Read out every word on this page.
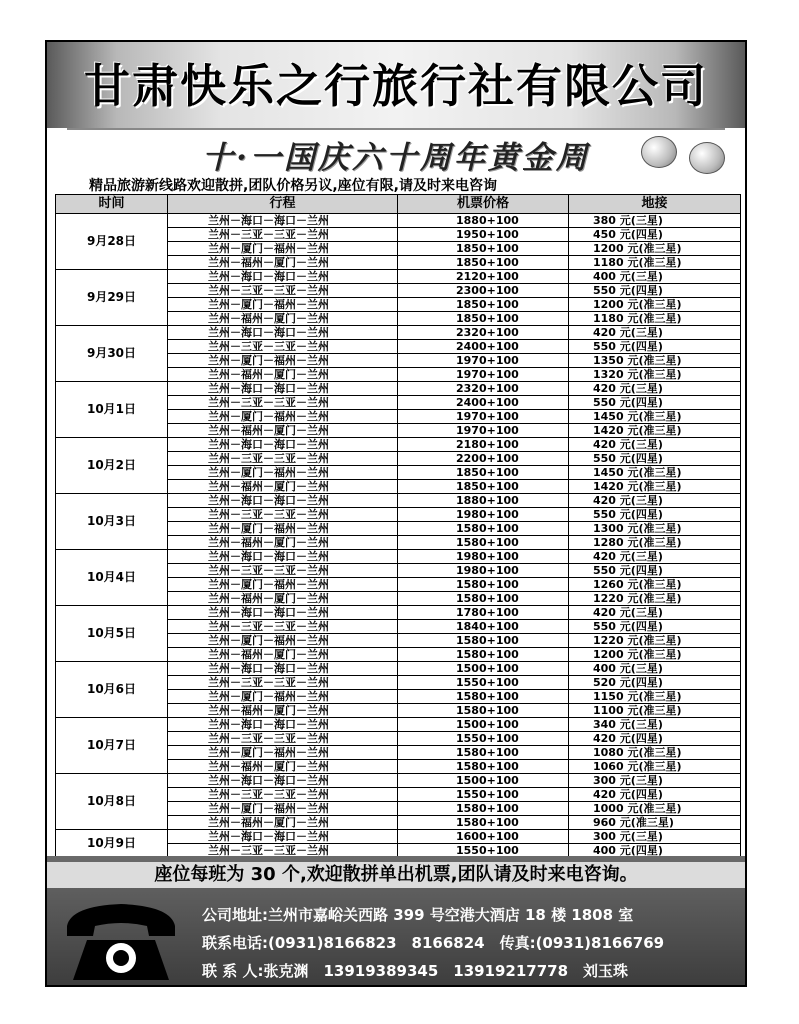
甘肃快乐之行旅行社有限公司
十·一国庆六十周年黄金周
精品旅游新线路欢迎散拼,团队价格另议,座位有限,请及时来电咨询
时间	行程	机票价格	地接
9月28日	兰州－海口－海口－兰州	1880+100	380 元(三星)
	兰州－三亚－三亚－兰州	1950+100	450 元(四星)
	兰州－厦门－福州－兰州	1850+100	1200 元(准三星)
	兰州－福州－厦门－兰州	1850+100	1180 元(准三星)
9月29日	兰州－海口－海口－兰州	2120+100	400 元(三星)
	兰州－三亚－三亚－兰州	2300+100	550 元(四星)
	兰州－厦门－福州－兰州	1850+100	1200 元(准三星)
	兰州－福州－厦门－兰州	1850+100	1180 元(准三星)
9月30日	兰州－海口－海口－兰州	2320+100	420 元(三星)
	兰州－三亚－三亚－兰州	2400+100	550 元(四星)
	兰州－厦门－福州－兰州	1970+100	1350 元(准三星)
	兰州－福州－厦门－兰州	1970+100	1320 元(准三星)
10月1日	兰州－海口－海口－兰州	2320+100	420 元(三星)
	兰州－三亚－三亚－兰州	2400+100	550 元(四星)
	兰州－厦门－福州－兰州	1970+100	1450 元(准三星)
	兰州－福州－厦门－兰州	1970+100	1420 元(准三星)
10月2日	兰州－海口－海口－兰州	2180+100	420 元(三星)
	兰州－三亚－三亚－兰州	2200+100	550 元(四星)
	兰州－厦门－福州－兰州	1850+100	1450 元(准三星)
	兰州－福州－厦门－兰州	1850+100	1420 元(准三星)
10月3日	兰州－海口－海口－兰州	1880+100	420 元(三星)
	兰州－三亚－三亚－兰州	1980+100	550 元(四星)
	兰州－厦门－福州－兰州	1580+100	1300 元(准三星)
	兰州－福州－厦门－兰州	1580+100	1280 元(准三星)
10月4日	兰州－海口－海口－兰州	1980+100	420 元(三星)
	兰州－三亚－三亚－兰州	1980+100	550 元(四星)
	兰州－厦门－福州－兰州	1580+100	1260 元(准三星)
	兰州－福州－厦门－兰州	1580+100	1220 元(准三星)
10月5日	兰州－海口－海口－兰州	1780+100	420 元(三星)
	兰州－三亚－三亚－兰州	1840+100	550 元(四星)
	兰州－厦门－福州－兰州	1580+100	1220 元(准三星)
	兰州－福州－厦门－兰州	1580+100	1200 元(准三星)
10月6日	兰州－海口－海口－兰州	1500+100	400 元(三星)
	兰州－三亚－三亚－兰州	1550+100	520 元(四星)
	兰州－厦门－福州－兰州	1580+100	1150 元(准三星)
	兰州－福州－厦门－兰州	1580+100	1100 元(准三星)
10月7日	兰州－海口－海口－兰州	1500+100	340 元(三星)
	兰州－三亚－三亚－兰州	1550+100	420 元(四星)
	兰州－厦门－福州－兰州	1580+100	1080 元(准三星)
	兰州－福州－厦门－兰州	1580+100	1060 元(准三星)
10月8日	兰州－海口－海口－兰州	1500+100	300 元(三星)
	兰州－三亚－三亚－兰州	1550+100	420 元(四星)
	兰州－厦门－福州－兰州	1580+100	1000 元(准三星)
	兰州－福州－厦门－兰州	1580+100	960 元(准三星)
10月9日	兰州－海口－海口－兰州	1600+100	300 元(三星)
	兰州－三亚－三亚－兰州	1550+100	400 元(四星)
座位每班为 30 个,欢迎散拼单出机票,团队请及时来电咨询。
公司地址:兰州市嘉峪关西路 399 号空港大酒店 18 楼 1808 室
联系电话:(0931)8166823　8166824　传真:(0931)8166769
联 系 人:张克渊　13919389345　13919217778　刘玉珠
